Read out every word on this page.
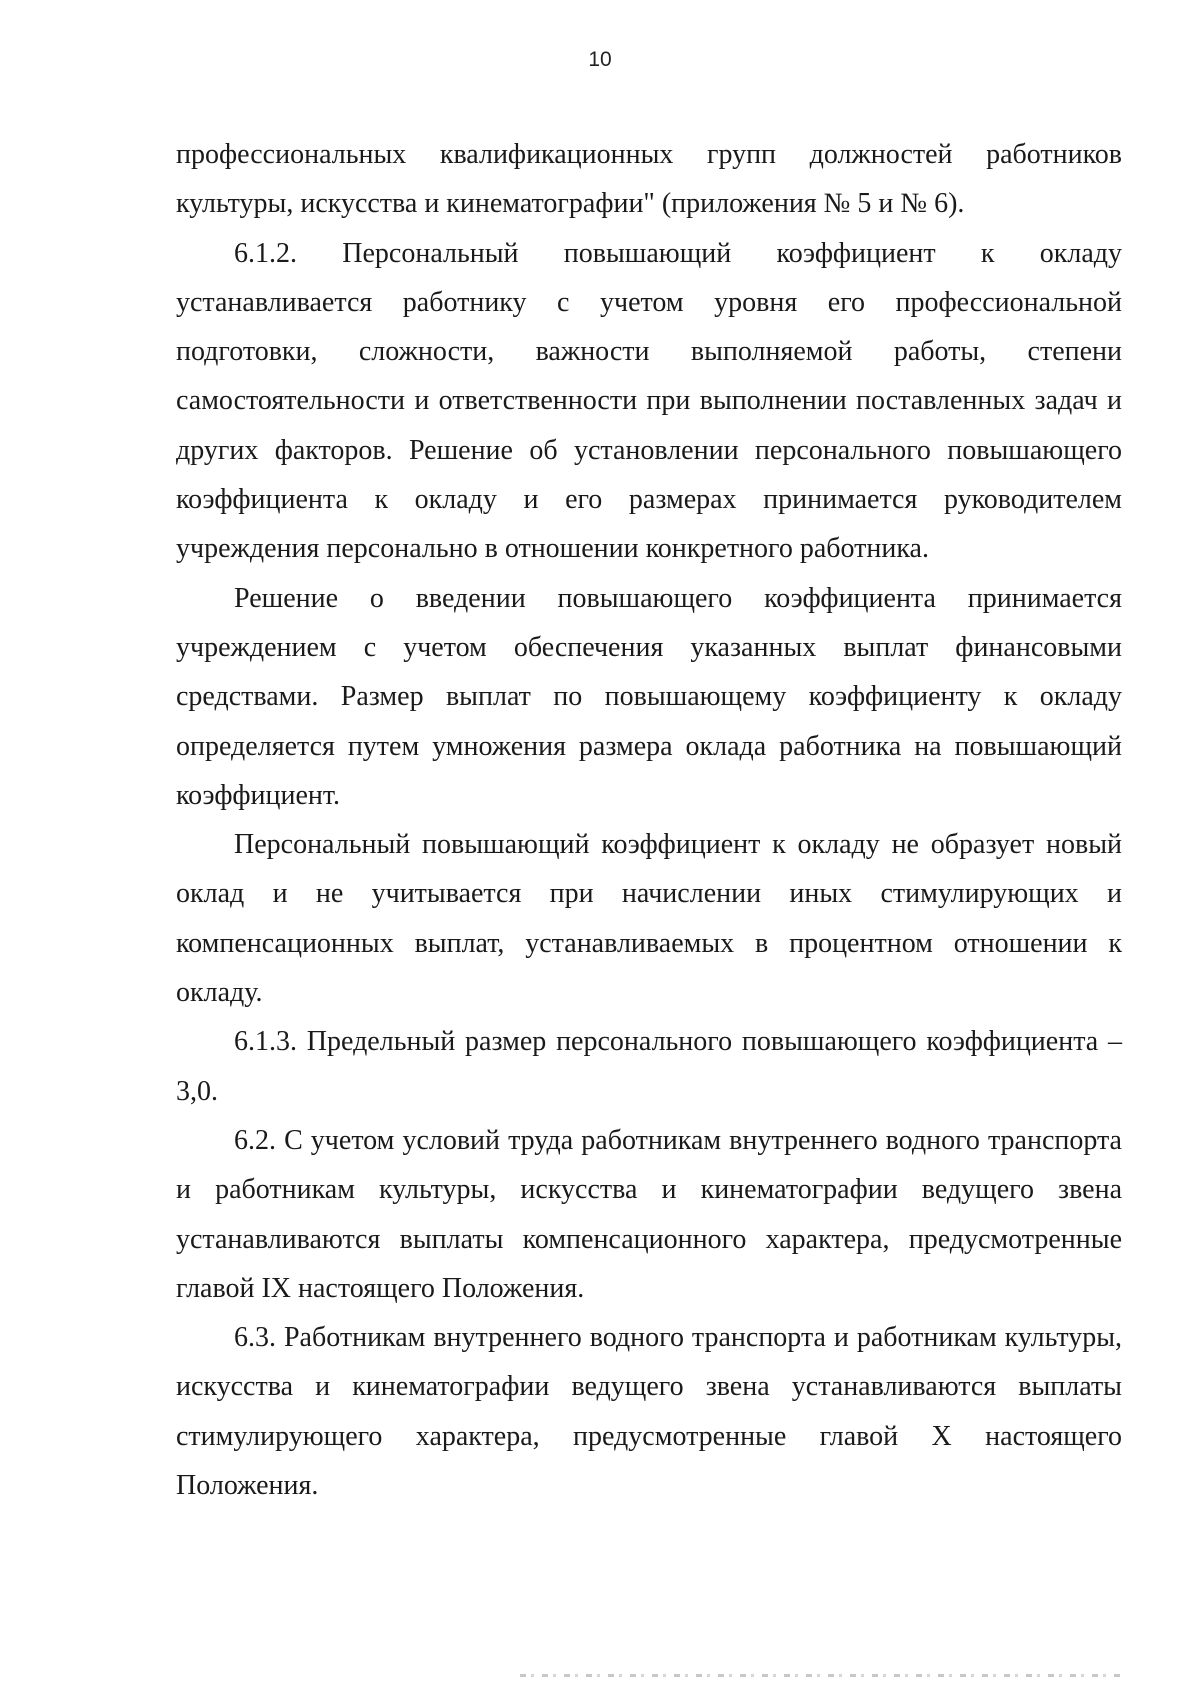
10

профессиональных квалификационных групп должностей работников культуры, искусства и кинематографии" (приложения № 5 и № 6).

6.1.2. Персональный повышающий коэффициент к окладу устанавливается работнику с учетом уровня его профессиональной подготовки, сложности, важности выполняемой работы, степени самостоятельности и ответственности при выполнении поставленных задач и других факторов. Решение об установлении персонального повышающего коэффициента к окладу и его размерах принимается руководителем учреждения персонально в отношении конкретного работника.

Решение о введении повышающего коэффициента принимается учреждением с учетом обеспечения указанных выплат финансовыми средствами. Размер выплат по повышающему коэффициенту к окладу определяется путем умножения размера оклада работника на повышающий коэффициент.

Персональный повышающий коэффициент к окладу не образует новый оклад и не учитывается при начислении иных стимулирующих и компенсационных выплат, устанавливаемых в процентном отношении к окладу.

6.1.3. Предельный размер персонального повышающего коэффициента – 3,0.

6.2. С учетом условий труда работникам внутреннего водного транспорта и работникам культуры, искусства и кинематографии ведущего звена устанавливаются выплаты компенсационного характера, предусмотренные главой IX настоящего Положения.

6.3. Работникам внутреннего водного транспорта и работникам культуры, искусства и кинематографии ведущего звена устанавливаются выплаты стимулирующего характера, предусмотренные главой X настоящего Положения.
